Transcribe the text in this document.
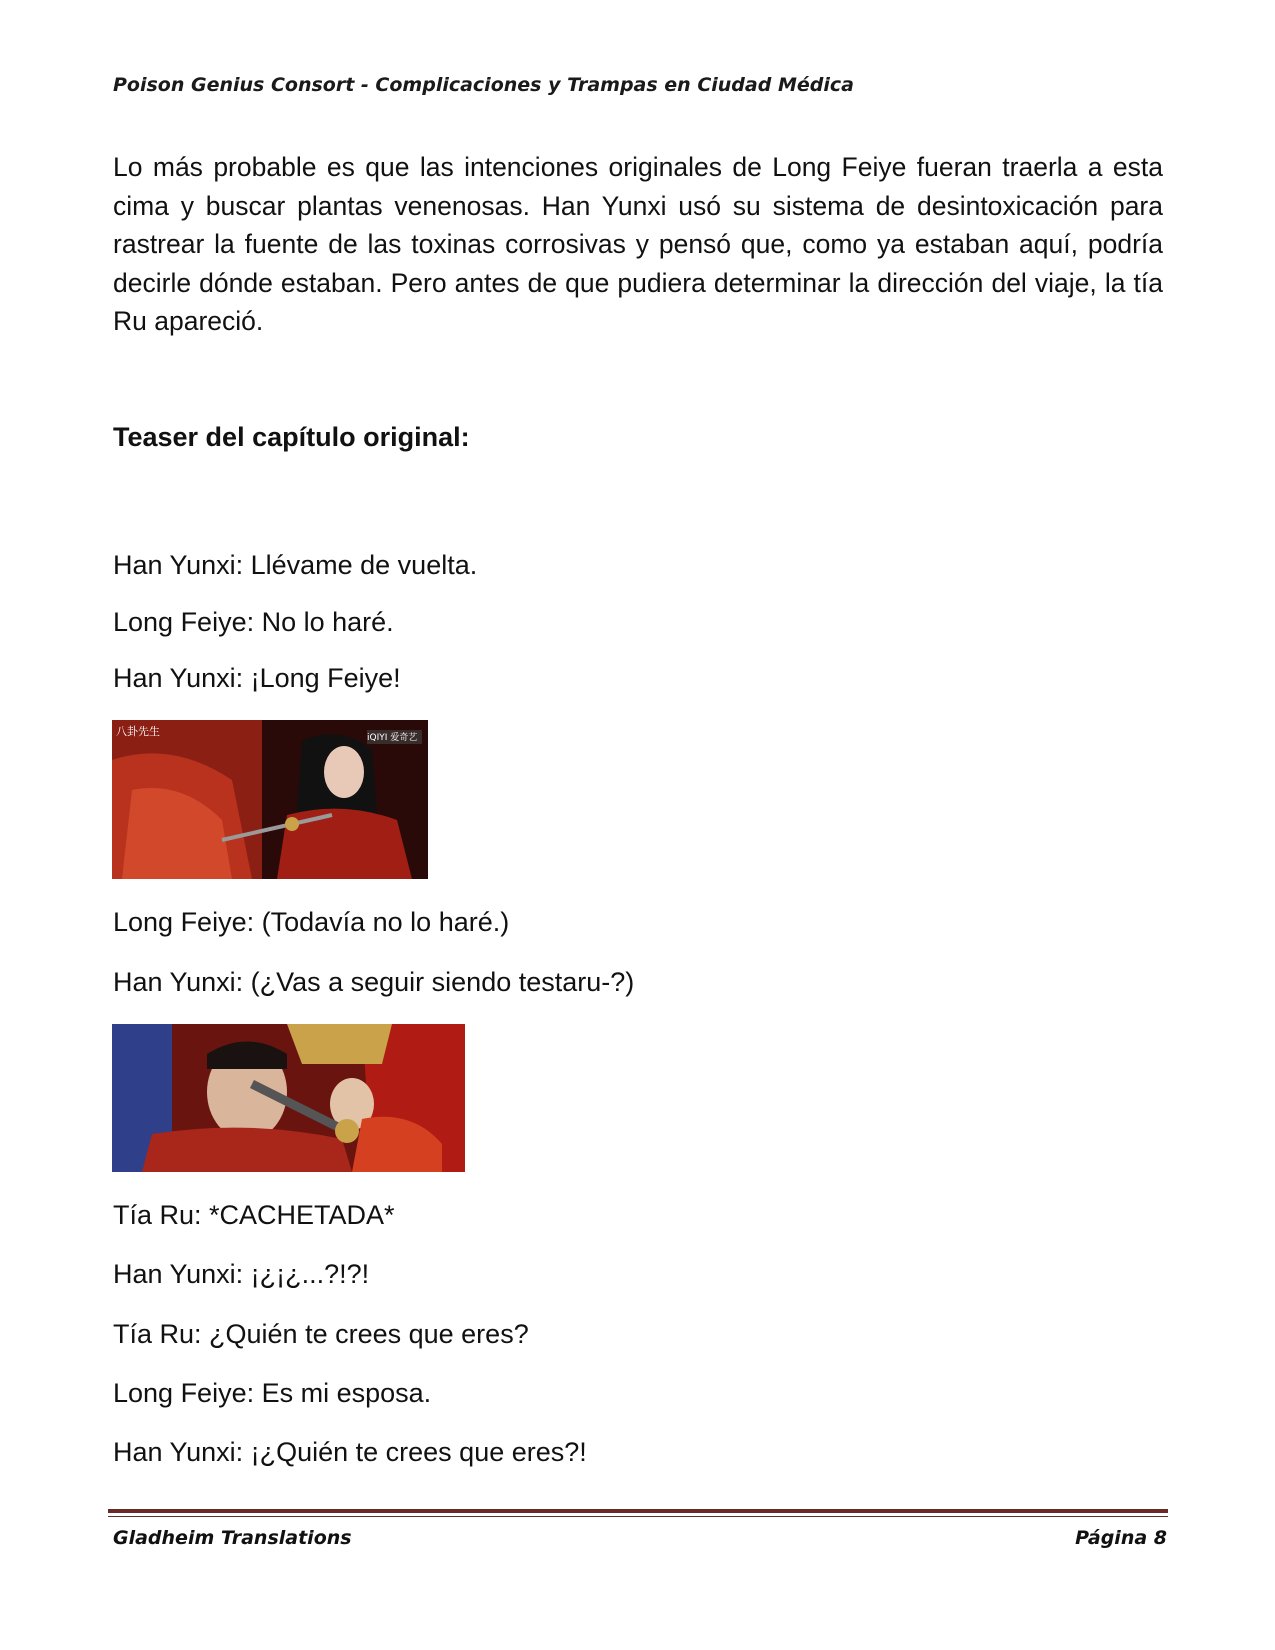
Poison Genius Consort - Complicaciones y Trampas en Ciudad Médica

Lo más probable es que las intenciones originales de Long Feiye fueran traerla a esta cima y buscar plantas venenosas. Han Yunxi usó su sistema de desintoxicación para rastrear la fuente de las toxinas corrosivas y pensó que, como ya estaban aquí, podría decirle dónde estaban. Pero antes de que pudiera determinar la dirección del viaje, la tía Ru apareció.

Teaser del capítulo original:

Han Yunxi: Llévame de vuelta.

Long Feiye: No lo haré.

Han Yunxi: ¡Long Feiye!

八卦先生	iQIYI 爱奇艺

Long Feiye: (Todavía no lo haré.)

Han Yunxi: (¿Vas a seguir siendo testaru-?)

Tía Ru: *CACHETADA*

Han Yunxi: ¡¿¡¿...?!?!

Tía Ru: ¿Quién te crees que eres?

Long Feiye: Es mi esposa.

Han Yunxi: ¡¿Quién te crees que eres?!

Gladheim Translations	Página 8
